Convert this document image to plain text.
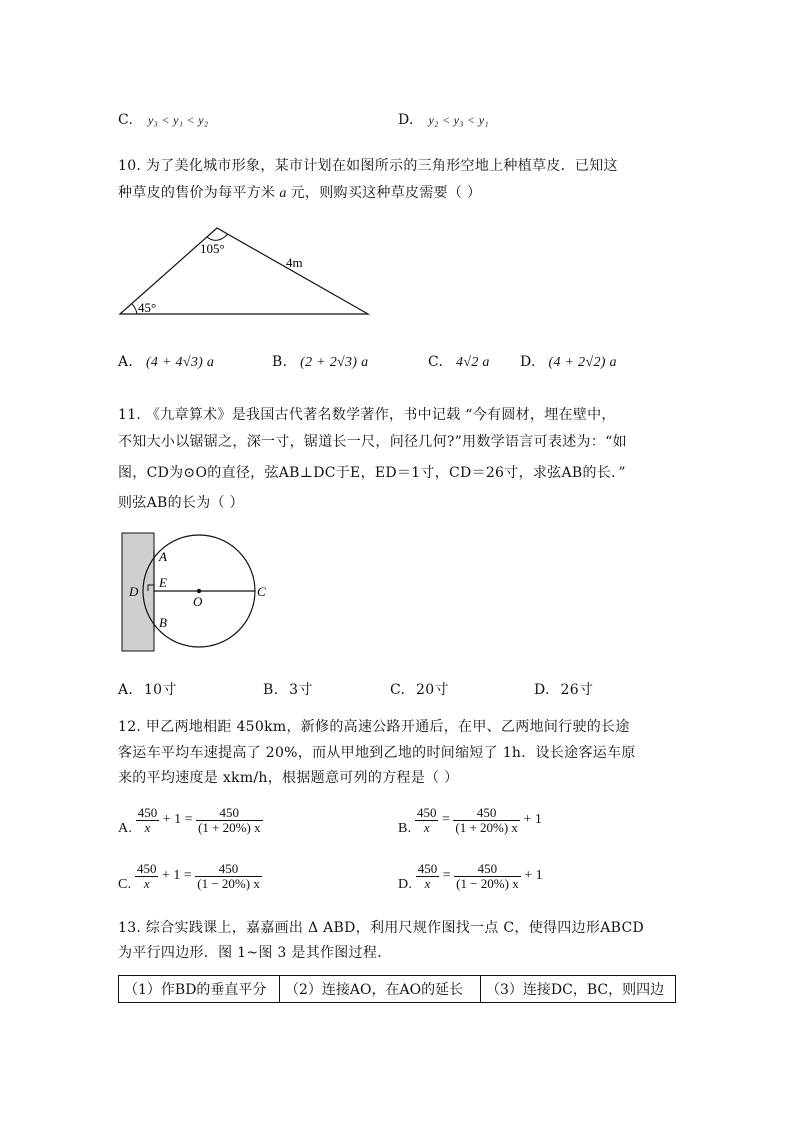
C. y₃ < y₁ < y₂	D. y₂ < y₃ < y₁
10. 为了美化城市形象，某市计划在如图所示的三角形空地上种植草皮．已知这
种草皮的售价为每平方米 a 元，则购买这种草皮需要（ ）
105°
45°
4m
A. (4 + 4√3) a	B. (2 + 2√3) a	C. 4√2 a D. (4 + 2√2) a
11. 《九章算术》是我国古代著名数学著作，书中记载 “今有圆材，埋在壁中，
不知大小以锯锯之，深一寸，锯道长一尺，问径几何?”用数学语言可表述为：“如
图，CD为⊙O的直径，弦AB⊥DC于E，ED＝1寸，CD＝26寸，求弦AB的长．”
则弦AB的长为（ ）
A
B
C
D
E
O
A. 10寸	B. 3寸	C. 20寸	D. 26寸
12. 甲乙两地相距 450km，新修的高速公路开通后，在甲、乙两地间行驶的长途
客运车平均车速提高了 20%，而从甲地到乙地的时间缩短了 1h．设长途客运车原
来的平均速度是 xkm/h，根据题意可列的方程是（ ）
A. $\frac{450}{x} + 1 = \frac{450}{(1 + 20\%) x}$	B. $\frac{450}{x} = \frac{450}{(1 + 20\%) x} + 1$
C. $\frac{450}{x} + 1 = \frac{450}{(1 - 20\%) x}$	D. $\frac{450}{x} = \frac{450}{(1 - 20\%) x} + 1$
13. 综合实践课上，嘉嘉画出 Δ ABD，利用尺规作图找一点 C，使得四边形ABCD
为平行四边形．图 1~图 3 是其作图过程．
（1）作BD的垂直平分	（2）连接AO，在AO的延长	（3）连接DC，BC，则四边
